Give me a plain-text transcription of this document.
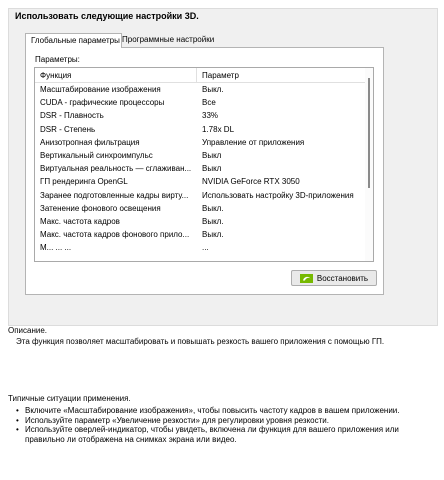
Использовать следующие настройки 3D.
Глобальные параметры Программные настройки
Параметры:
Функция	Параметр
Масштабирование изображения	Выкл.
CUDA - графические процессоры	Все
DSR - Плавность	33%
DSR - Степень	1.78x DL
Анизотропная фильтрация	Управление от приложения
Вертикальный синхроимпульс	Выкл
Виртуальная реальность — сглаживан... Выкл
ГП рендеринга OpenGL	NVIDIA GeForce RTX 3050
Заранее подготовленные кадры вирту...	Использовать настройку 3D-приложения
Затенение фонового освещения	Выкл.
Макс. частота кадров	Выкл.
Макс. частота кадров фонового прило...	Выкл.
М... ... ...	...
Восстановить
Описание.
Эта функция позволяет масштабировать и повышать резкость вашего приложения с помощью ГП.
Типичные ситуации применения.
• Включите «Масштабирование изображения», чтобы повысить частоту кадров в вашем приложении.
• Используйте параметр «Увеличение резкости» для регулировки уровня резкости.
• Используйте оверлей-индикатор, чтобы увидеть, включена ли функция для вашего приложения или правильно ли отображена на снимках экрана или видео.
